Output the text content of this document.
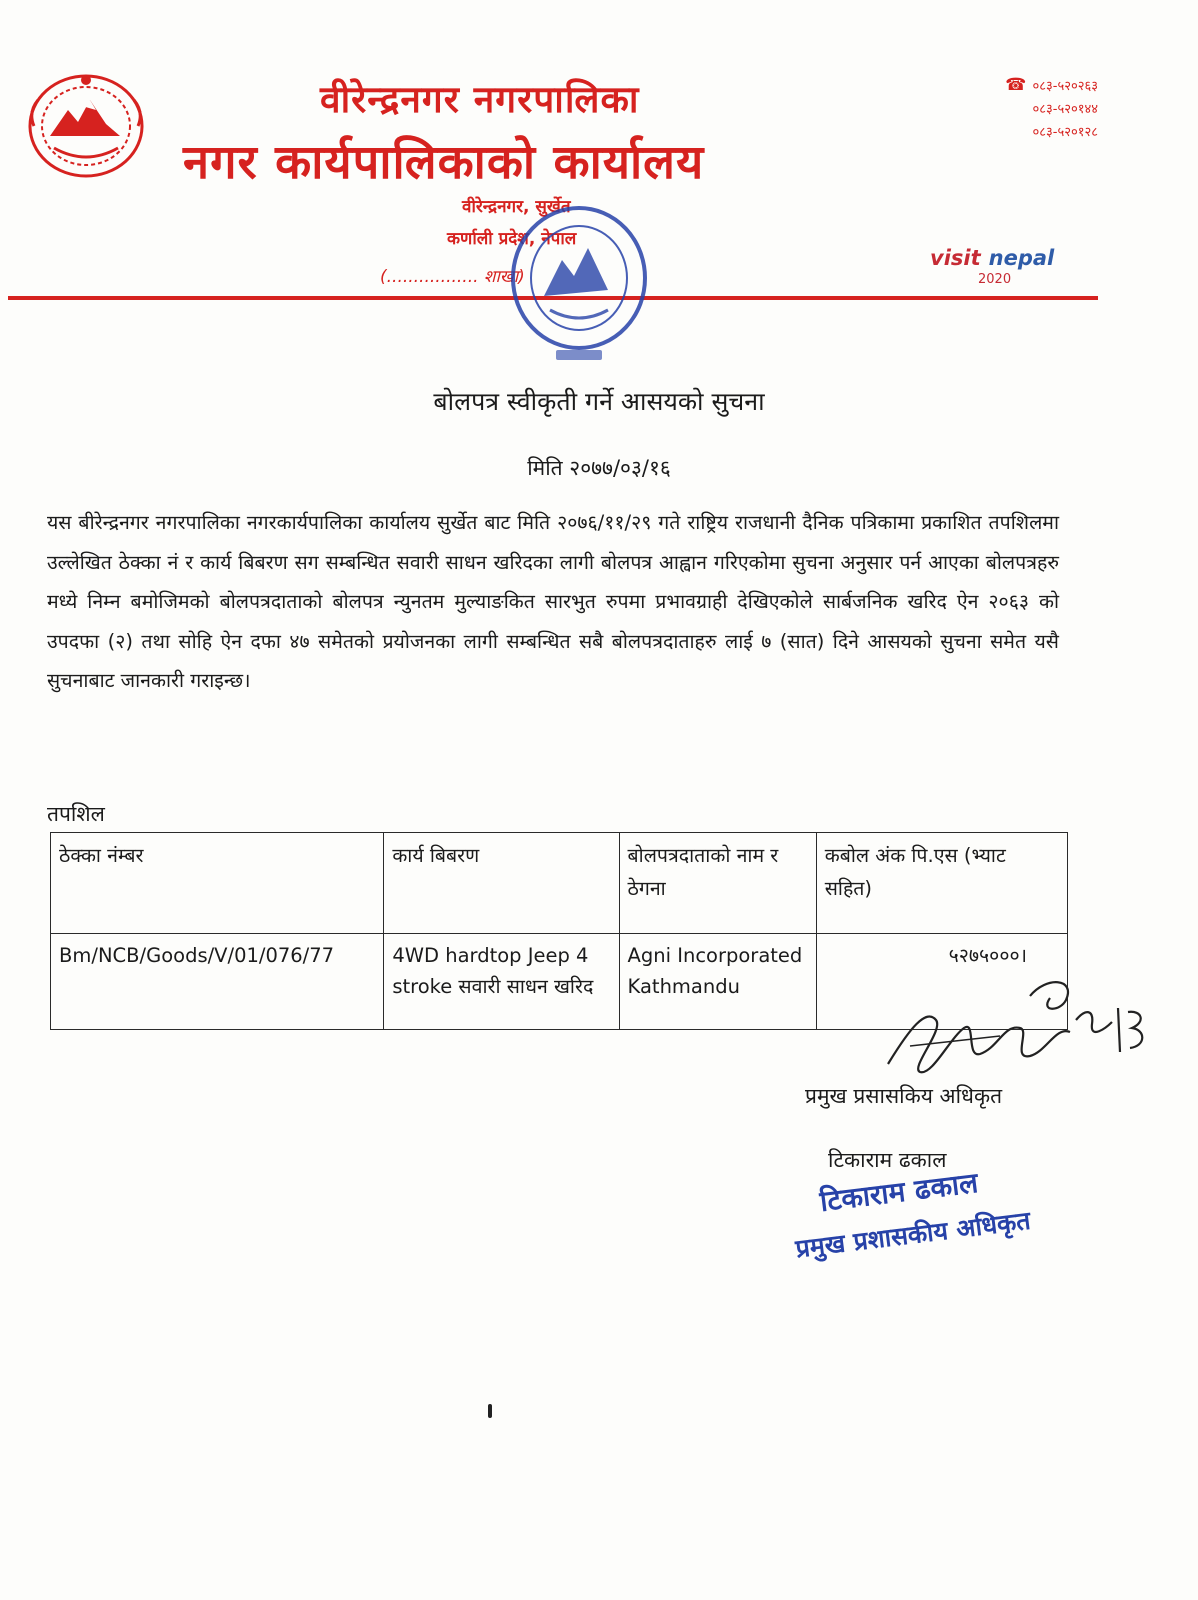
वीरेन्द्रनगर नगरपालिका
नगर कार्यपालिकाको कार्यालय
वीरेन्द्रनगर, सुर्खेत
कर्णाली प्रदेश, नेपाल
(................. शाखा)
☎ ०८३-५२०२६३
०८३-५२०१४४
०८३-५२०१२८
visit nepal
2020
बोलपत्र स्वीकृती गर्ने आसयको सुचना
मिति २०७७/०३/१६
यस बीरेन्द्रनगर नगरपालिका नगरकार्यपालिका कार्यालय सुर्खेत बाट मिति २०७६/११/२९ गते राष्ट्रिय राजधानी दैनिक पत्रिकामा प्रकाशित तपशिलमा उल्लेखित ठेक्का नं र कार्य बिबरण सग सम्बन्धित सवारी साधन खरिदका लागी बोलपत्र आह्वान गरिएकोमा सुचना अनुसार पर्न आएका बोलपत्रहरु मध्ये निम्न बमोजिमको बोलपत्रदाताको बोलपत्र न्युनतम मुल्याङकित सारभुत रुपमा प्रभावग्राही देखिएकोले सार्बजनिक खरिद ऐन २०६३ को उपदफा (२) तथा सोहि ऐन दफा ४७ समेतको प्रयोजनका लागी सम्बन्धित सबै बोलपत्रदाताहरु लाई ७ (सात) दिने आसयको सुचना समेत यसै सुचनाबाट जानकारी गराइन्छ।
तपशिल
ठेक्का नंम्बर	कार्य बिबरण	बोलपत्रदाताको नाम र ठेगना	कबोल अंक पि.एस (भ्याट सहित)
Bm/NCB/Goods/V/01/076/77	4WD hardtop Jeep 4 stroke सवारी साधन खरिद	Agni Incorporated Kathmandu	५२७५०००।
प्रमुख प्रसासकिय अधिकृत
टिकाराम ढकाल
टिकाराम ढकाल
प्रमुख प्रशासकीय अधिकृत
